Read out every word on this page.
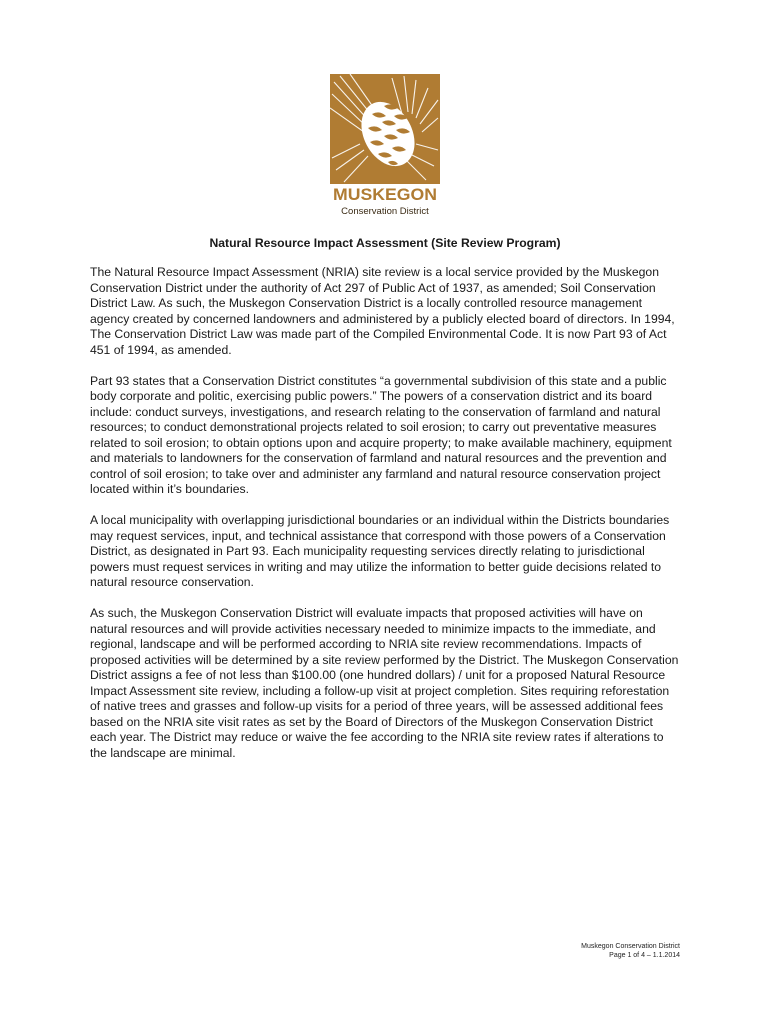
MUSKEGON
Conservation District
Natural Resource Impact Assessment (Site Review Program)

The Natural Resource Impact Assessment (NRIA) site review is a local service provided by the Muskegon Conservation District under the authority of Act 297 of Public Act of 1937, as amended; Soil Conservation District Law. As such, the Muskegon Conservation District is a locally controlled resource management agency created by concerned landowners and administered by a publicly elected board of directors. In 1994, The Conservation District Law was made part of the Compiled Environmental Code. It is now Part 93 of Act 451 of 1994, as amended.

Part 93 states that a Conservation District constitutes “a governmental subdivision of this state and a public body corporate and politic, exercising public powers.” The powers of a conservation district and its board include: conduct surveys, investigations, and research relating to the conservation of farmland and natural resources; to conduct demonstrational projects related to soil erosion; to carry out preventative measures related to soil erosion; to obtain options upon and acquire property; to make available machinery, equipment and materials to landowners for the conservation of farmland and natural resources and the prevention and control of soil erosion; to take over and administer any farmland and natural resource conservation project located within it’s boundaries.

A local municipality with overlapping jurisdictional boundaries or an individual within the Districts boundaries may request services, input, and technical assistance that correspond with those powers of a Conservation District, as designated in Part 93. Each municipality requesting services directly relating to jurisdictional powers must request services in writing and may utilize the information to better guide decisions related to natural resource conservation.

As such, the Muskegon Conservation District will evaluate impacts that proposed activities will have on natural resources and will provide activities necessary needed to minimize impacts to the immediate, and regional, landscape and will be performed according to NRIA site review recommendations. Impacts of proposed activities will be determined by a site review performed by the District. The Muskegon Conservation District assigns a fee of not less than $100.00 (one hundred dollars) / unit for a proposed Natural Resource Impact Assessment site review, including a follow-up visit at project completion. Sites requiring reforestation of native trees and grasses and follow-up visits for a period of three years, will be assessed additional fees based on the NRIA site visit rates as set by the Board of Directors of the Muskegon Conservation District each year. The District may reduce or waive the fee according to the NRIA site review rates if alterations to the landscape are minimal.

Muskegon Conservation District
Page 1 of 4 – 1.1.2014
